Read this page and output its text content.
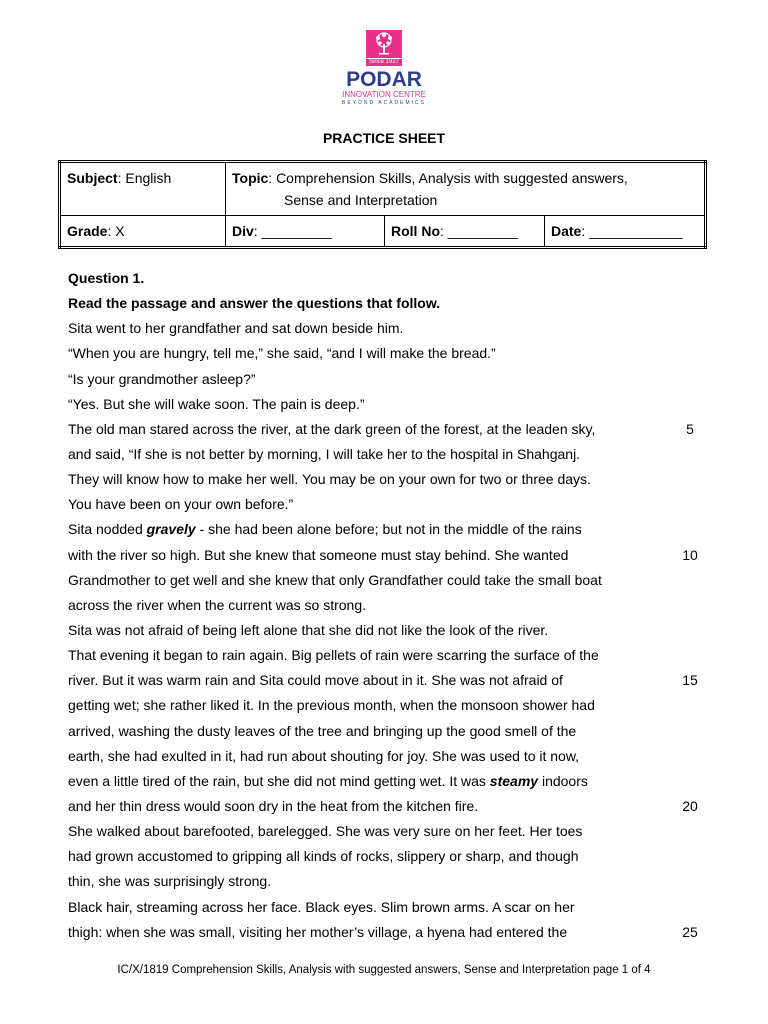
Since 1927
PODAR
INNOVATION CENTRE
BEYOND ACADEMICS
PRACTICE SHEET
Subject: English	Topic: Comprehension Skills, Analysis with suggested answers,
Sense and Interpretation		

Grade: X	Div: _________	Roll No: _________	Date: ____________
Question 1.
Read the passage and answer the questions that follow.
Sita went to her grandfather and sat down beside him.
“When you are hungry, tell me,” she said, “and I will make the bread.”
“Is your grandmother asleep?”
“Yes. But she will wake soon. The pain is deep.”
The old man stared across the river, at the dark green of the forest, at the leaden sky,	5
and said, “If she is not better by morning, I will take her to the hospital in Shahganj.
They will know how to make her well. You may be on your own for two or three days.
You have been on your own before.”
Sita nodded gravely - she had been alone before; but not in the middle of the rains
with the river so high. But she knew that someone must stay behind. She wanted	10
Grandmother to get well and she knew that only Grandfather could take the small boat
across the river when the current was so strong.
Sita was not afraid of being left alone that she did not like the look of the river.
That evening it began to rain again. Big pellets of rain were scarring the surface of the
river. But it was warm rain and Sita could move about in it. She was not afraid of	15
getting wet; she rather liked it. In the previous month, when the monsoon shower had
arrived, washing the dusty leaves of the tree and bringing up the good smell of the
earth, she had exulted in it, had run about shouting for joy. She was used to it now,
even a little tired of the rain, but she did not mind getting wet. It was steamy indoors
and her thin dress would soon dry in the heat from the kitchen fire.	20
She walked about barefooted, barelegged. She was very sure on her feet. Her toes
had grown accustomed to gripping all kinds of rocks, slippery or sharp, and though
thin, she was surprisingly strong.
Black hair, streaming across her face. Black eyes. Slim brown arms. A scar on her
thigh: when she was small, visiting her mother’s village, a hyena had entered the	25
IC/X/1819 Comprehension Skills, Analysis with suggested answers, Sense and Interpretation page 1 of 4
